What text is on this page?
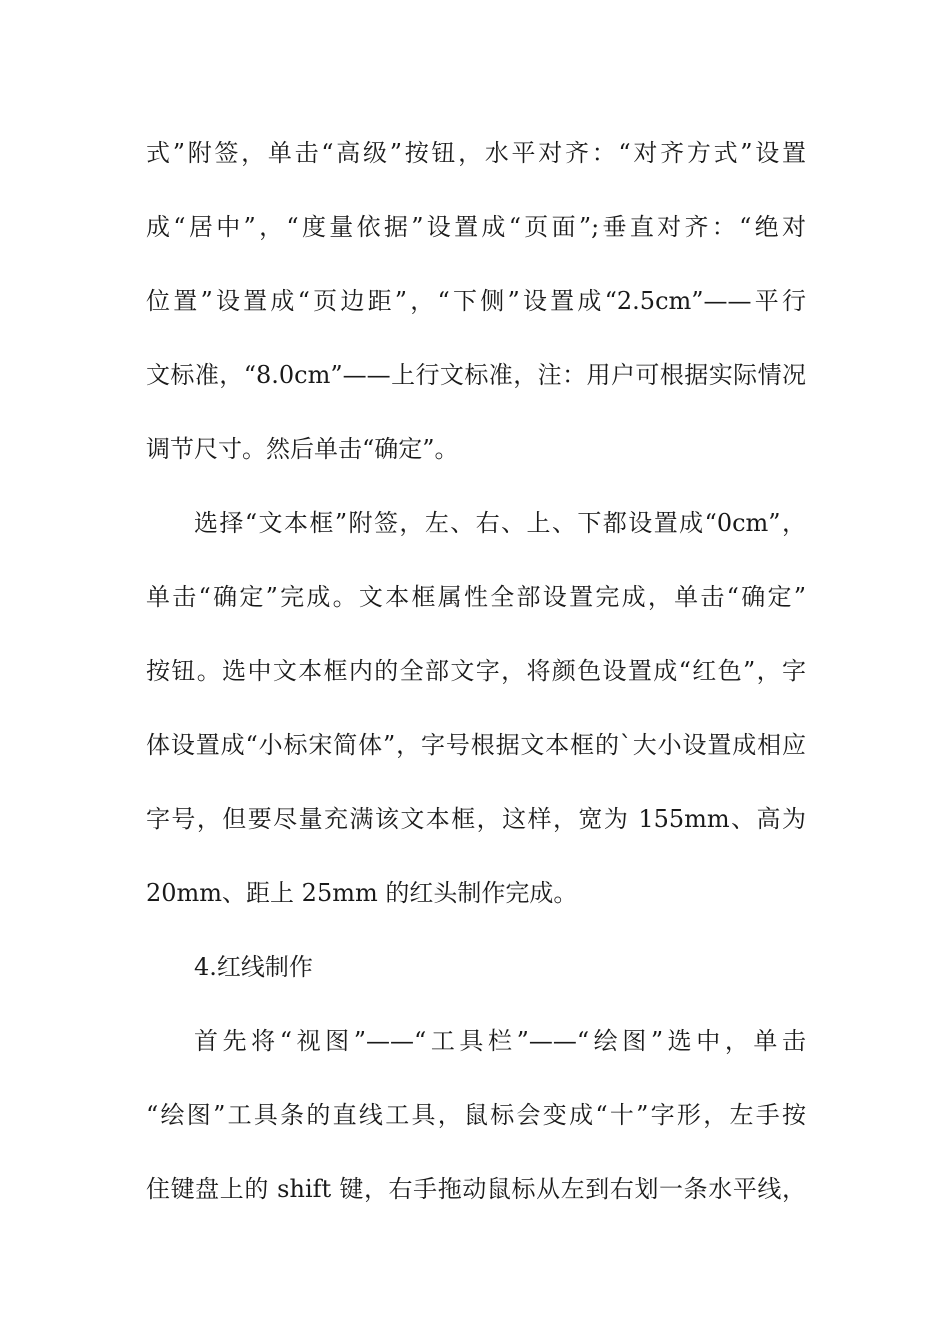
式”附签，单击“高级”按钮，水平对齐：“对齐方式”设置
成“居中”，“度量依据”设置成“页面”;垂直对齐：“绝对
位置”设置成“页边距”，“下侧”设置成“2.5cm”——平行
文标准，“8.0cm”——上行文标准，注：用户可根据实际情况
调节尺寸。然后单击“确定”。
选择“文本框”附签，左、右、上、下都设置成“0cm”，
单击“确定”完成。文本框属性全部设置完成，单击“确定”
按钮。选中文本框内的全部文字，将颜色设置成“红色”，字
体设置成“小标宋简体”，字号根据文本框的`大小设置成相应
字号，但要尽量充满该文本框，这样，宽为 155mm、高为
20mm、距上 25mm 的红头制作完成。
4.红线制作
首先将“视图”——“工具栏”——“绘图”选中，单击
“绘图”工具条的直线工具，鼠标会变成“十”字形，左手按
住键盘上的 shift 键，右手拖动鼠标从左到右划一条水平线，
